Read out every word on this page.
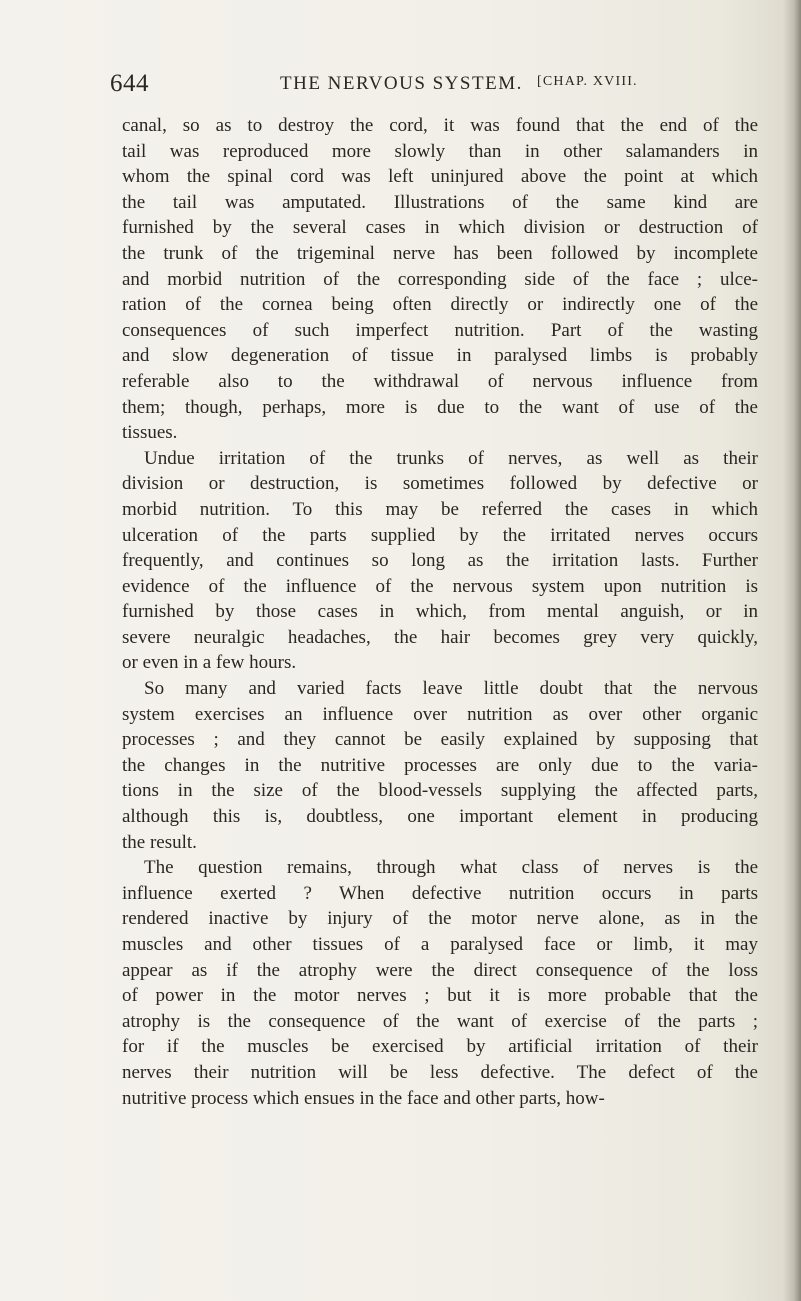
644	THE NERVOUS SYSTEM. [CHAP. XVIII.
canal, so as to destroy the cord, it was found that the end of the
tail was reproduced more slowly than in other salamanders in
whom the spinal cord was left uninjured above the point at which
the tail was amputated. Illustrations of the same kind are
furnished by the several cases in which division or destruction of
the trunk of the trigeminal nerve has been followed by incomplete
and morbid nutrition of the corresponding side of the face ; ulce-
ration of the cornea being often directly or indirectly one of the
consequences of such imperfect nutrition. Part of the wasting
and slow degeneration of tissue in paralysed limbs is probably
referable also to the withdrawal of nervous influence from
them; though, perhaps, more is due to the want of use of the
tissues.
Undue irritation of the trunks of nerves, as well as their
division or destruction, is sometimes followed by defective or
morbid nutrition. To this may be referred the cases in which
ulceration of the parts supplied by the irritated nerves occurs
frequently, and continues so long as the irritation lasts. Further
evidence of the influence of the nervous system upon nutrition is
furnished by those cases in which, from mental anguish, or in
severe neuralgic headaches, the hair becomes grey very quickly,
or even in a few hours.
So many and varied facts leave little doubt that the nervous
system exercises an influence over nutrition as over other organic
processes ; and they cannot be easily explained by supposing that
the changes in the nutritive processes are only due to the varia-
tions in the size of the blood-vessels supplying the affected parts,
although this is, doubtless, one important element in producing
the result.
The question remains, through what class of nerves is the
influence exerted ? When defective nutrition occurs in parts
rendered inactive by injury of the motor nerve alone, as in the
muscles and other tissues of a paralysed face or limb, it may
appear as if the atrophy were the direct consequence of the loss
of power in the motor nerves ; but it is more probable that the
atrophy is the consequence of the want of exercise of the parts ;
for if the muscles be exercised by artificial irritation of their
nerves their nutrition will be less defective. The defect of the
nutritive process which ensues in the face and other parts, how-
